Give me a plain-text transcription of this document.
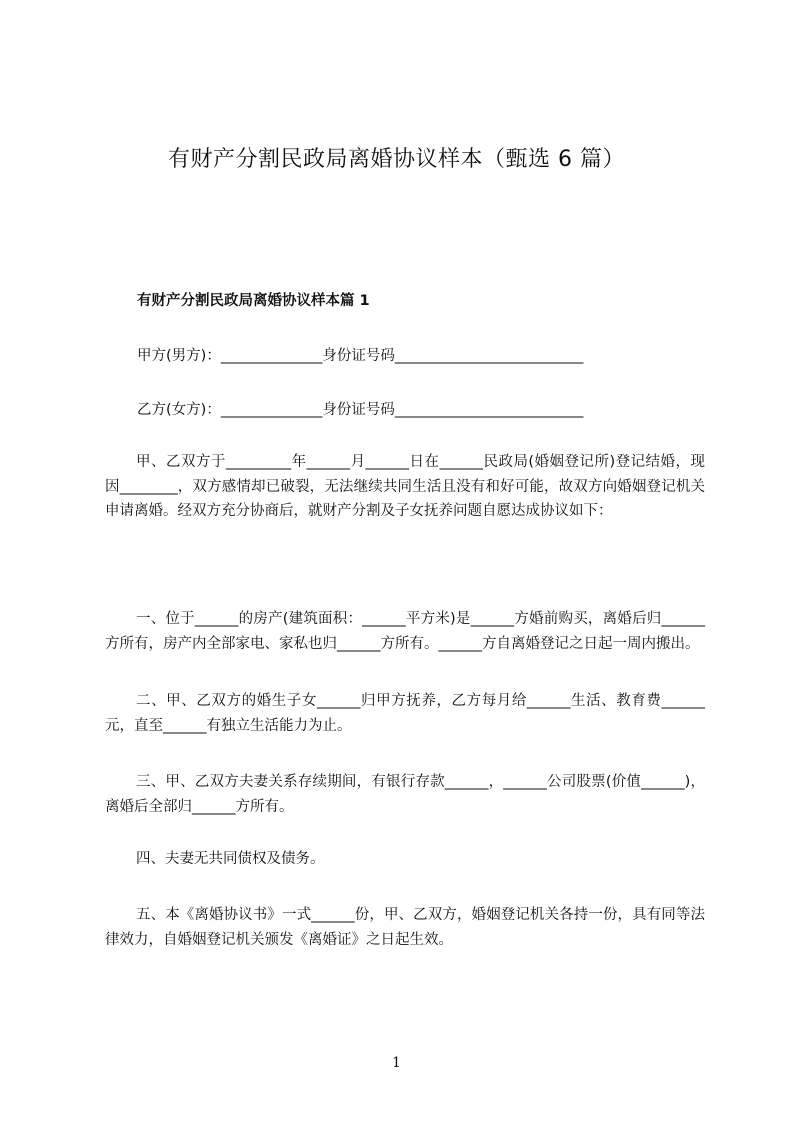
有财产分割民政局离婚协议样本（甄选 6 篇）
有财产分割民政局离婚协议样本篇 1
甲方(男方)：______________身份证号码__________________________
乙方(女方)：______________身份证号码__________________________
甲、乙双方于_________年______月______日在______民政局(婚姻登记所)登记结婚，现因________，双方感情却已破裂，无法继续共同生活且没有和好可能，故双方向婚姻登记机关申请离婚。经双方充分协商后，就财产分割及子女抚养问题自愿达成协议如下：
一、位于______的房产(建筑面积：______平方米)是______方婚前购买，离婚后归______方所有，房产内全部家电、家私也归______方所有。______方自离婚登记之日起一周内搬出。
二、甲、乙双方的婚生子女______归甲方抚养，乙方每月给______生活、教育费______元，直至______有独立生活能力为止。
三、甲、乙双方夫妻关系存续期间，有银行存款______，______公司股票(价值______)，离婚后全部归______方所有。
四、夫妻无共同债权及债务。
五、本《离婚协议书》一式______份，甲、乙双方，婚姻登记机关各持一份，具有同等法律效力，自婚姻登记机关颁发《离婚证》之日起生效。
1
